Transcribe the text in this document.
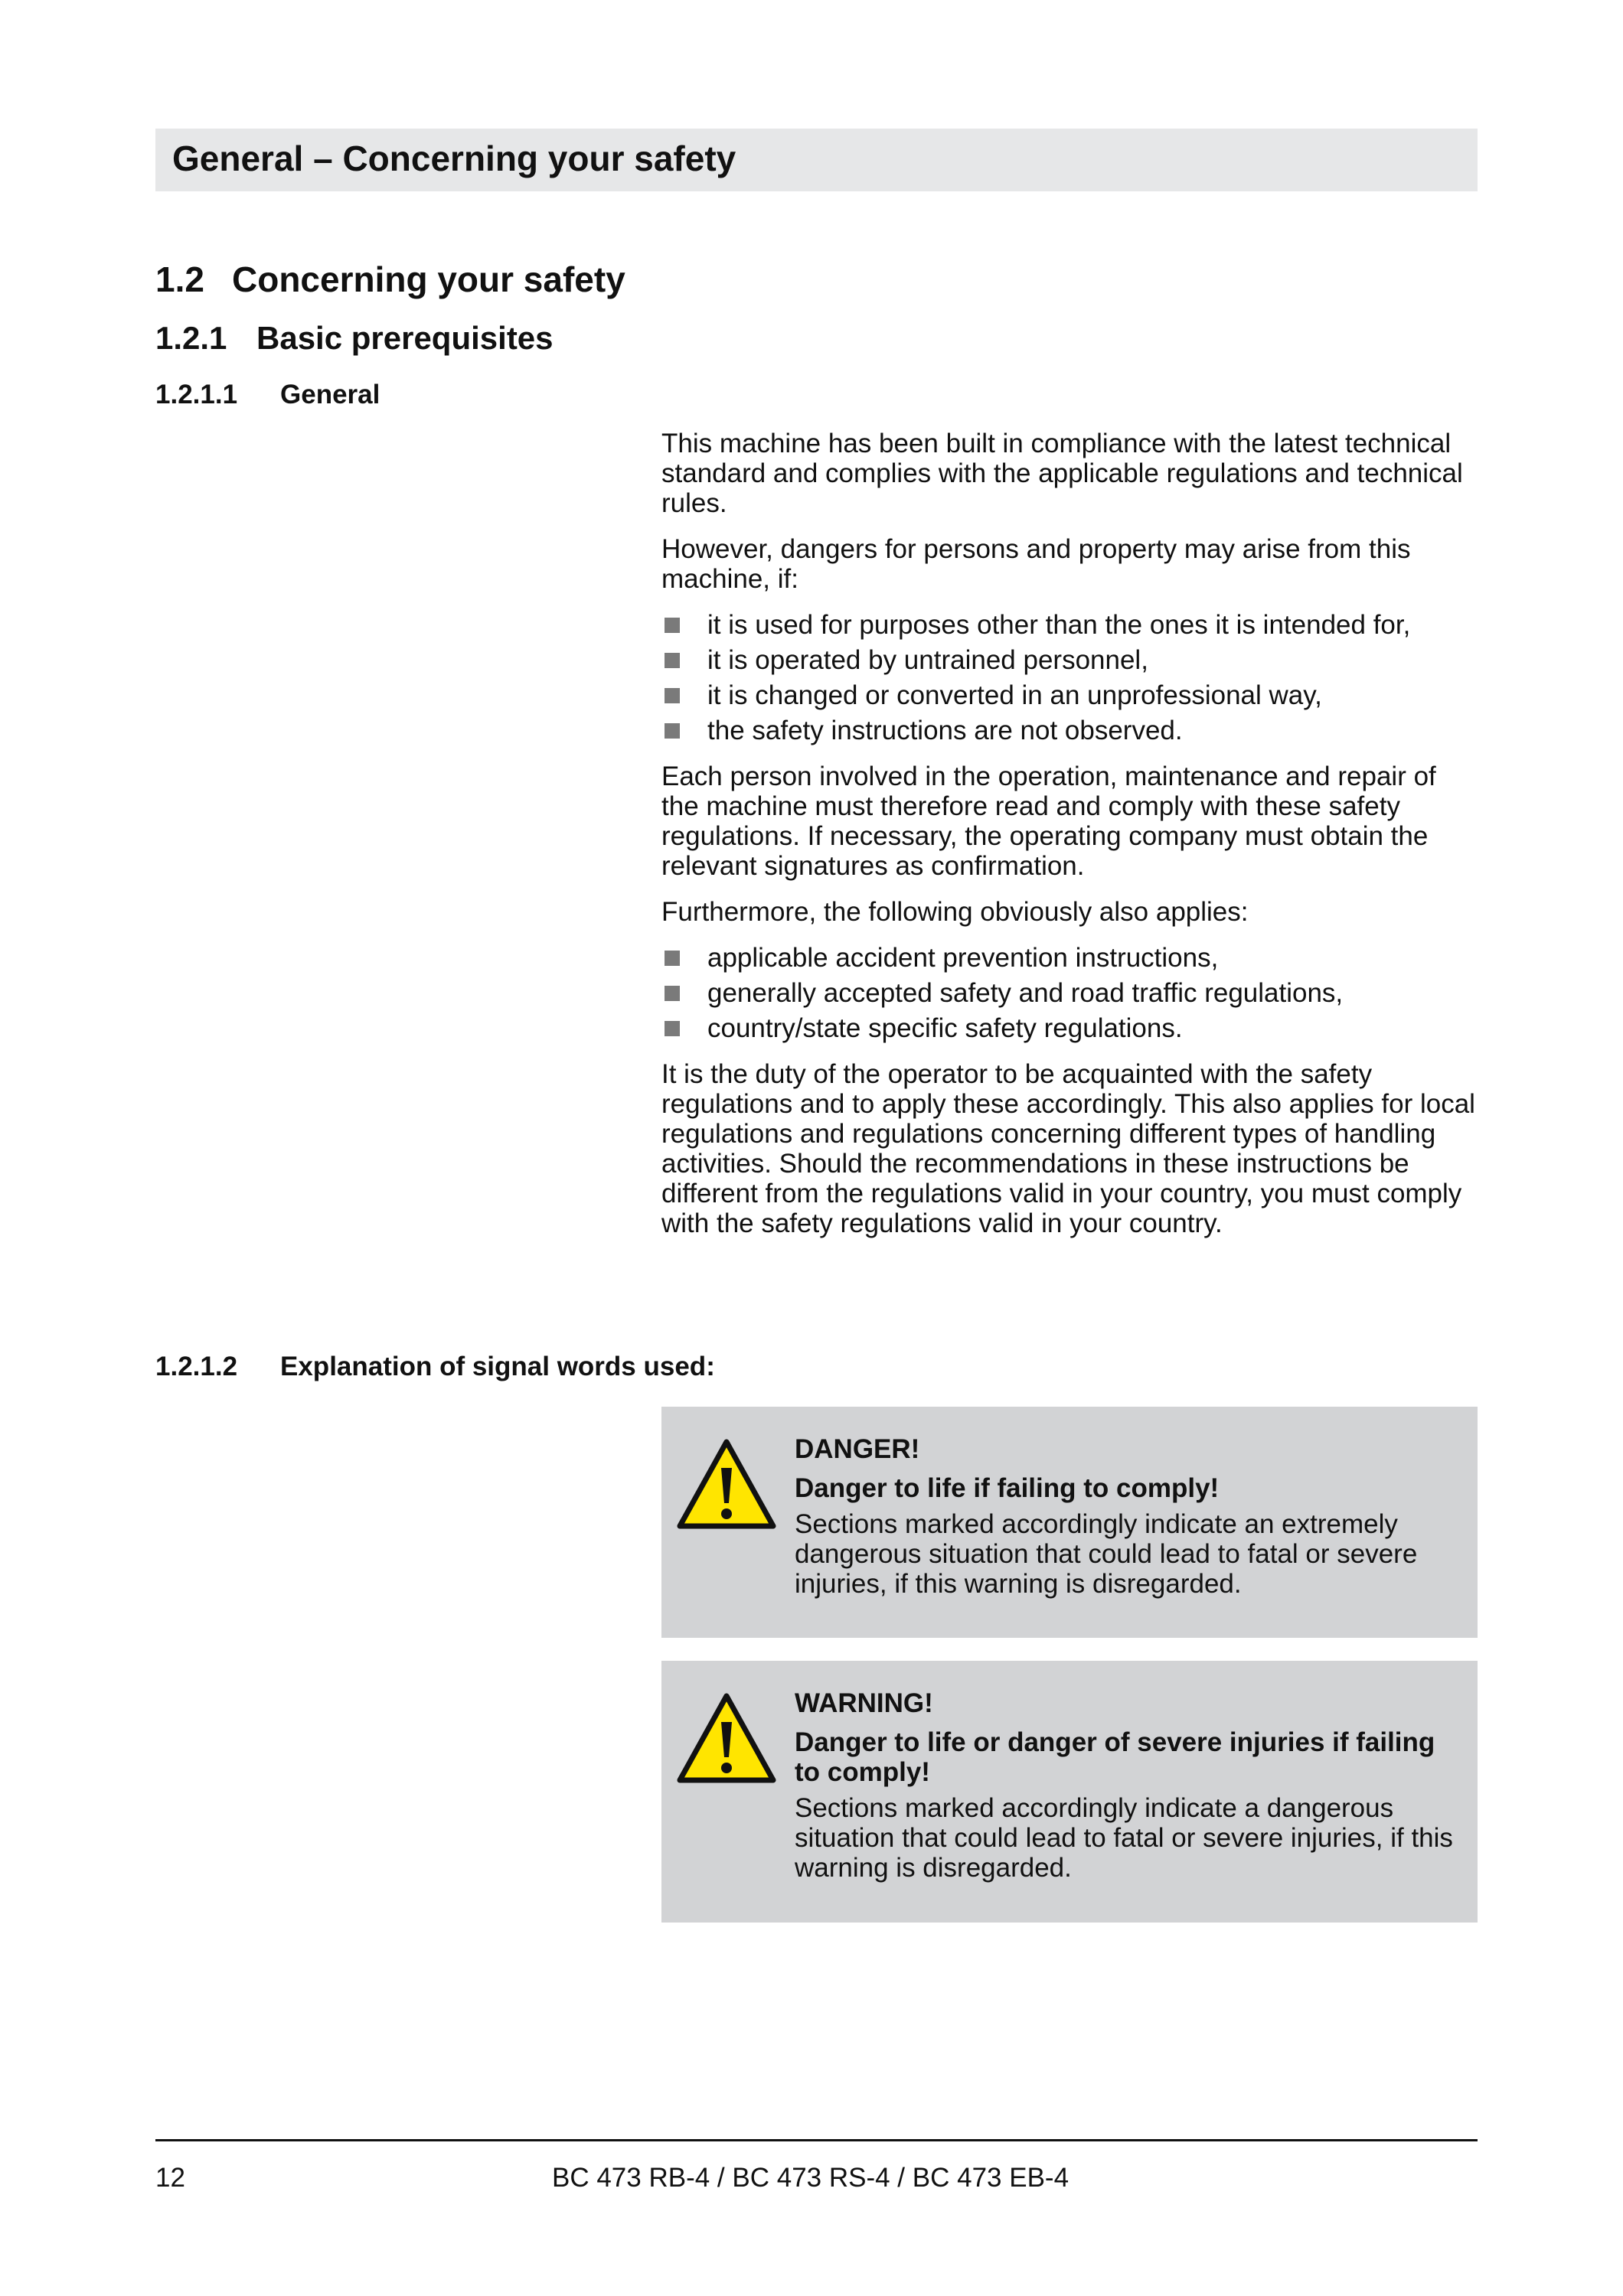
General – Concerning your safety
1.2 Concerning your safety
1.2.1 Basic prerequisites
1.2.1.1 General

This machine has been built in compliance with the latest technical standard and complies with the applicable regulations and technical rules.

However, dangers for persons and property may arise from this machine, if:

it is used for purposes other than the ones it is intended for,
it is operated by untrained personnel,
it is changed or converted in an unprofessional way,
the safety instructions are not observed.

Each person involved in the operation, maintenance and repair of the machine must therefore read and comply with these safety regulations. If necessary, the operating company must obtain the relevant signatures as confirmation.

Furthermore, the following obviously also applies:

applicable accident prevention instructions,
generally accepted safety and road traffic regulations,
country/state specific safety regulations.

It is the duty of the operator to be acquainted with the safety regulations and to apply these accordingly. This also applies for local regulations and regulations concerning different types of handling activities. Should the recommendations in these instructions be different from the regulations valid in your country, you must comply with the safety regulations valid in your country.

1.2.1.2 Explanation of signal words used:
DANGER!
Danger to life if failing to comply!
Sections marked accordingly indicate an extremely dangerous situation that could lead to fatal or severe injuries, if this warning is disregarded.
WARNING!
Danger to life or danger of severe injuries if failing to comply!
Sections marked accordingly indicate a dangerous situation that could lead to fatal or severe injuries, if this warning is disregarded.
12	BC 473 RB-4 / BC 473 RS-4 / BC 473 EB-4
